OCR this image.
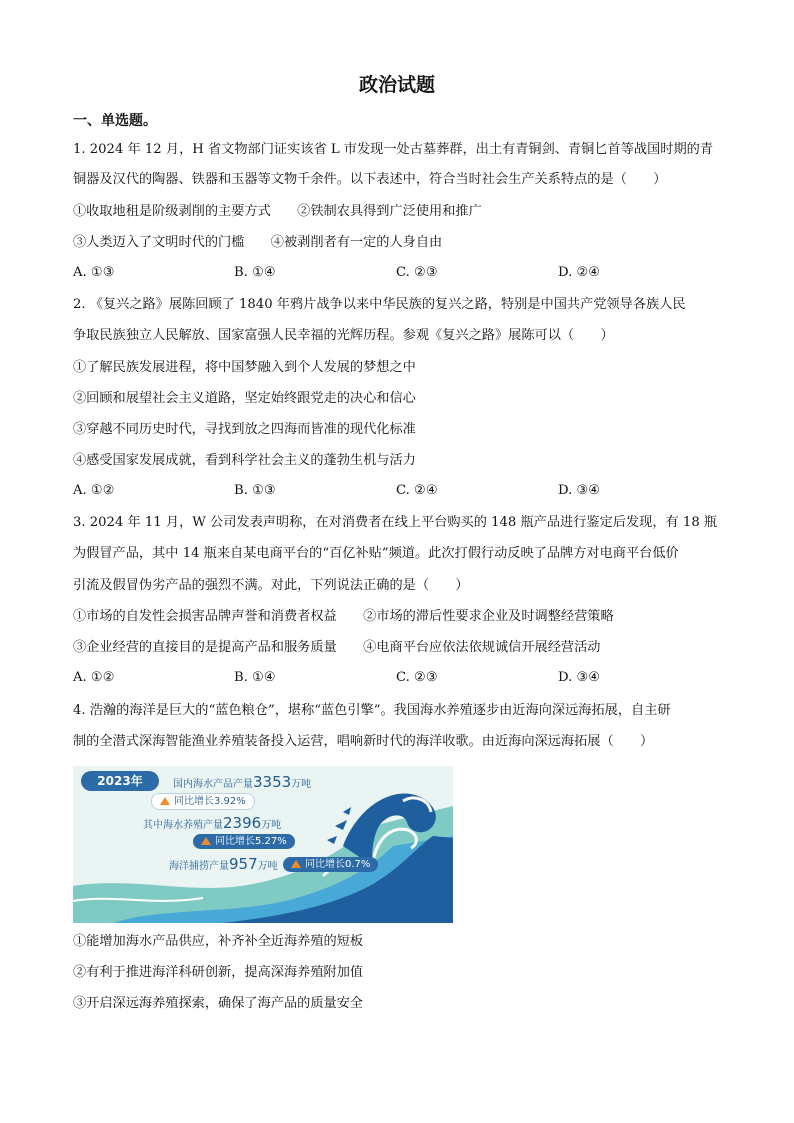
政治试题
一、单选题。
1. 2024 年 12 月，H 省文物部门证实该省 L 市发现一处古墓葬群，出土有青铜剑、青铜匕首等战国时期的青
铜器及汉代的陶器、铁器和玉器等文物千余件。以下表述中，符合当时社会生产关系特点的是（　　）
①收取地租是阶级剥削的主要方式　　②铁制农具得到广泛使用和推广
③人类迈入了文明时代的门槛　　④被剥削者有一定的人身自由
A. ①③	B. ①④	C. ②③	D. ②④
2. 《复兴之路》展陈回顾了 1840 年鸦片战争以来中华民族的复兴之路，特别是中国共产党领导各族人民
争取民族独立人民解放、国家富强人民幸福的光辉历程。参观《复兴之路》展陈可以（　　）
①了解民族发展进程，将中国梦融入到个人发展的梦想之中
②回顾和展望社会主义道路，坚定始终跟党走的决心和信心
③穿越不同历史时代，寻找到放之四海而皆准的现代化标准
④感受国家发展成就，看到科学社会主义的蓬勃生机与活力
A. ①②	B. ①③	C. ②④	D. ③④
3. 2024 年 11 月，W 公司发表声明称，在对消费者在线上平台购买的 148 瓶产品进行鉴定后发现，有 18 瓶
为假冒产品，其中 14 瓶来自某电商平台的“百亿补贴”频道。此次打假行动反映了品牌方对电商平台低价
引流及假冒伪劣产品的强烈不满。对此，下列说法正确的是（　　）
①市场的自发性会损害品牌声誉和消费者权益　　②市场的滞后性要求企业及时调整经营策略
③企业经营的直接目的是提高产品和服务质量　　④电商平台应依法依规诚信开展经营活动
A. ①②	B. ①④	C. ②③	D. ③④
4. 浩瀚的海洋是巨大的“蓝色粮仓”，堪称“蓝色引擎”。我国海水养殖逐步由近海向深远海拓展，自主研
制的全潜式深海智能渔业养殖装备投入运营，唱响新时代的海洋收歌。由近海向深远海拓展（　　）
2023年	国内海水产品产量3353万吨
同比增长3.92%
其中海水养殖产量2396万吨
同比增长5.27%
海洋捕捞产量957万吨	同比增长0.7%
①能增加海水产品供应，补齐补全近海养殖的短板
②有利于推进海洋科研创新，提高深海养殖附加值
③开启深远海养殖探索，确保了海产品的质量安全
